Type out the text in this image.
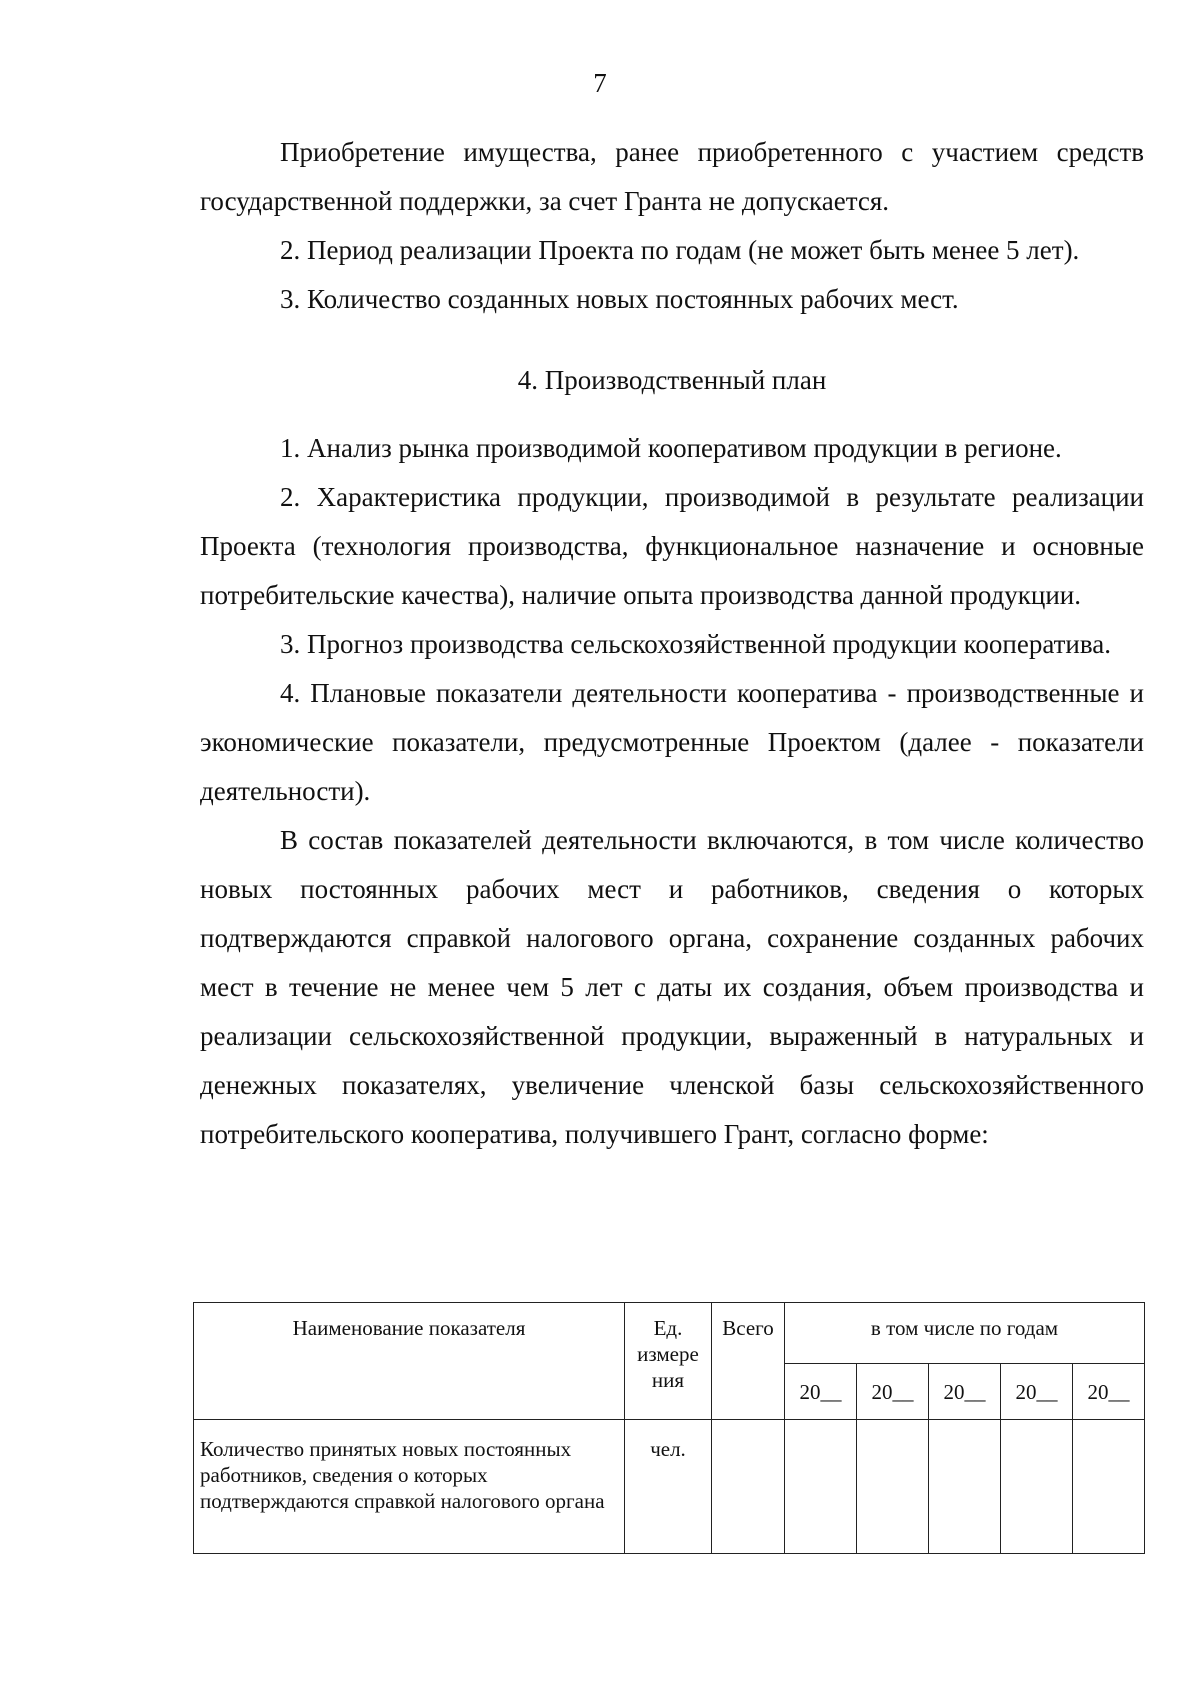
7

Приобретение имущества, ранее приобретенного с участием средств государственной поддержки, за счет Гранта не допускается.

2. Период реализации Проекта по годам (не может быть менее 5 лет).

3. Количество созданных новых постоянных рабочих мест.

4. Производственный план

1. Анализ рынка производимой кооперативом продукции в регионе.

2. Характеристика продукции, производимой в результате реализации Проекта (технология производства, функциональное назначение и основные потребительские качества), наличие опыта производства данной продукции.

3. Прогноз производства сельскохозяйственной продукции кооператива.

4. Плановые показатели деятельности кооператива - производственные и экономические показатели, предусмотренные Проектом (далее - показатели деятельности).

В состав показателей деятельности включаются, в том числе количество новых постоянных рабочих мест и работников, сведения о которых подтверждаются справкой налогового органа, сохранение созданных рабочих мест в течение не менее чем 5 лет с даты их создания, объем производства и реализации сельскохозяйственной продукции, выраженный в натуральных и денежных показателях, увеличение членской базы сельскохозяйственного потребительского кооператива, получившего Грант, согласно форме:

Наименование показателя	Ед. измере ния	Всего	в том числе по годам				
			20__	20__	20__	20__	20__
Количество принятых новых постоянных работников, сведения о которых подтверждаются справкой налогового органа	чел.						
